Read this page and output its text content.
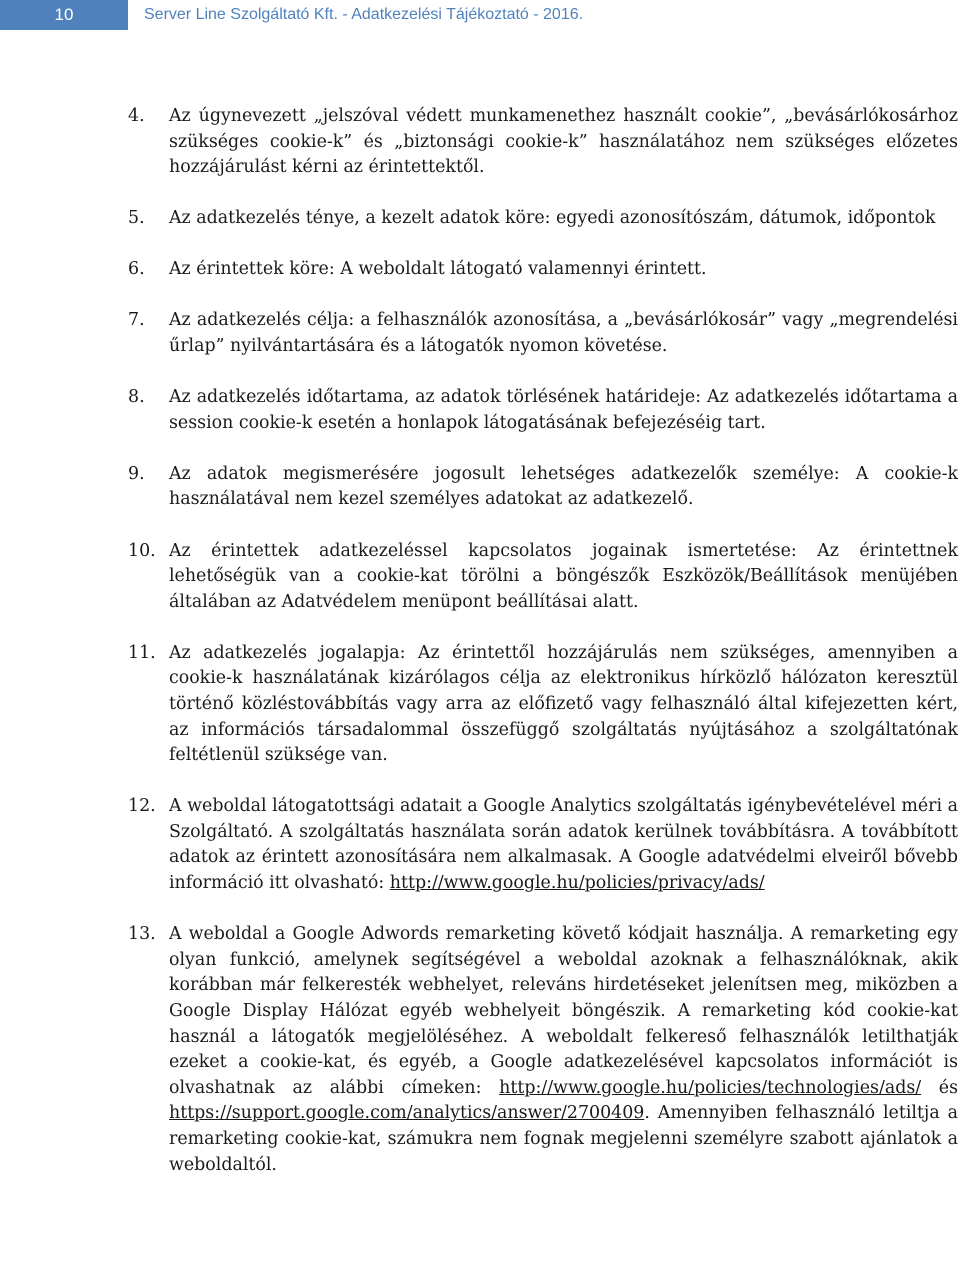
10	Server Line Szolgáltató Kft. - Adatkezelési Tájékoztató - 2016.
4.	Az úgynevezett „jelszóval védett munkamenethez használt cookie”, „bevásárlókosárhoz szükséges cookie-k” és „biztonsági cookie-k” használatához nem szükséges előzetes hozzájárulást kérni az érintettektől.
5.	Az adatkezelés ténye, a kezelt adatok köre: egyedi azonosítószám, dátumok, időpontok
6.	Az érintettek köre: A weboldalt látogató valamennyi érintett.
7.	Az adatkezelés célja: a felhasználók azonosítása, a „bevásárlókosár” vagy „megrendelési űrlap” nyilvántartására és a látogatók nyomon követése.
8.	Az adatkezelés időtartama, az adatok törlésének határideje: Az adatkezelés időtartama a session cookie-k esetén a honlapok látogatásának befejezéséig tart.
9.	Az adatok megismerésére jogosult lehetséges adatkezelők személye: A cookie-k használatával nem kezel személyes adatokat az adatkezelő.
10. Az érintettek adatkezeléssel kapcsolatos jogainak ismertetése: Az érintettnek lehetőségük van a cookie-kat törölni a böngészők Eszközök/Beállítások menüjében általában az Adatvédelem menüpont beállításai alatt.
11. Az adatkezelés jogalapja: Az érintettől hozzájárulás nem szükséges, amennyiben a cookie-k használatának kizárólagos célja az elektronikus hírközlő hálózaton keresztül történő közléstovábbítás vagy arra az előfizető vagy felhasználó által kifejezetten kért, az információs társadalommal összefüggő szolgáltatás nyújtásához a szolgáltatónak feltétlenül szüksége van.
12. A weboldal látogatottsági adatait a Google Analytics szolgáltatás igénybevételével méri a Szolgáltató. A szolgáltatás használata során adatok kerülnek továbbításra. A továbbított adatok az érintett azonosítására nem alkalmasak. A Google adatvédelmi elveiről bővebb információ itt olvasható: http://www.google.hu/policies/privacy/ads/
13. A weboldal a Google Adwords remarketing követő kódjait használja. A remarketing egy olyan funkció, amelynek segítségével a weboldal azoknak a felhasználóknak, akik korábban már felkeresték webhelyet, releváns hirdetéseket jelenítsen meg, miközben a Google Display Hálózat egyéb webhelyeit böngészik. A remarketing kód cookie-kat használ a látogatók megjelöléséhez. A weboldalt felkereső felhasználók letilthatják ezeket a cookie-kat, és egyéb, a Google adatkezelésével kapcsolatos információt is olvashatnak az alábbi címeken: http://www.google.hu/policies/technologies/ads/ és https://support.google.com/analytics/answer/2700409. Amennyiben felhasználó letiltja a remarketing cookie-kat, számukra nem fognak megjelenni személyre szabott ajánlatok a weboldaltól.
